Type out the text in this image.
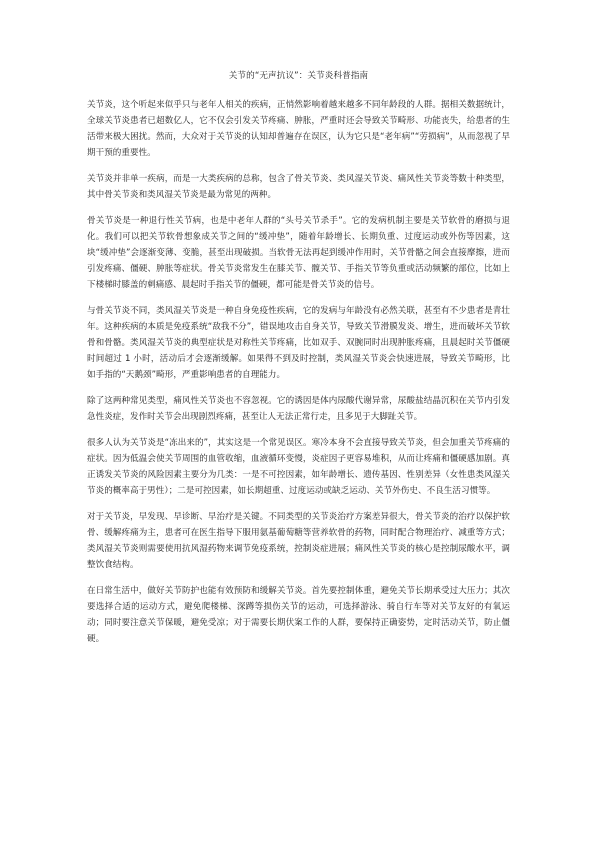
关节的“无声抗议”：关节炎科普指南

关节炎，这个听起来似乎只与老年人相关的疾病，正悄然影响着越来越多不同年龄段的人群。据相关数据统计，全球关节炎患者已超数亿人，它不仅会引发关节疼痛、肿胀，严重时还会导致关节畸形、功能丧失，给患者的生活带来极大困扰。然而，大众对于关节炎的认知却普遍存在误区，认为它只是“老年病”“劳损病”，从而忽视了早期干预的重要性。

关节炎并非单一疾病，而是一大类疾病的总称，包含了骨关节炎、类风湿关节炎、痛风性关节炎等数十种类型，其中骨关节炎和类风湿关节炎是最为常见的两种。

骨关节炎是一种退行性关节病，也是中老年人群的“头号关节杀手”。它的发病机制主要是关节软骨的磨损与退化。我们可以把关节软骨想象成关节之间的“缓冲垫”，随着年龄增长、长期负重、过度运动或外伤等因素，这块“缓冲垫”会逐渐变薄、变脆，甚至出现破损。当软骨无法再起到缓冲作用时，关节骨骼之间会直接摩擦，进而引发疼痛、僵硬、肿胀等症状。骨关节炎常发生在膝关节、髋关节、手指关节等负重或活动频繁的部位，比如上下楼梯时膝盖的刺痛感、晨起时手指关节的僵硬，都可能是骨关节炎的信号。

与骨关节炎不同，类风湿关节炎是一种自身免疫性疾病，它的发病与年龄没有必然关联，甚至有不少患者是青壮年。这种疾病的本质是免疫系统“敌我不分”，错误地攻击自身关节，导致关节滑膜发炎、增生，进而破坏关节软骨和骨骼。类风湿关节炎的典型症状是对称性关节疼痛，比如双手、双腕同时出现肿胀疼痛，且晨起时关节僵硬时间超过 1 小时，活动后才会逐渐缓解。如果得不到及时控制，类风湿关节炎会快速进展，导致关节畸形，比如手指的“天鹅颈”畸形，严重影响患者的自理能力。

除了这两种常见类型，痛风性关节炎也不容忽视。它的诱因是体内尿酸代谢异常，尿酸盐结晶沉积在关节内引发急性炎症，发作时关节会出现剧烈疼痛，甚至让人无法正常行走，且多见于大脚趾关节。

很多人认为关节炎是“冻出来的”，其实这是一个常见误区。寒冷本身不会直接导致关节炎，但会加重关节疼痛的症状。因为低温会使关节周围的血管收缩，血液循环变慢，炎症因子更容易堆积，从而让疼痛和僵硬感加剧。真正诱发关节炎的风险因素主要分为几类：一是不可控因素，如年龄增长、遗传基因、性别差异（女性患类风湿关节炎的概率高于男性）；二是可控因素，如长期超重、过度运动或缺乏运动、关节外伤史、不良生活习惯等。

对于关节炎，早发现、早诊断、早治疗是关键。不同类型的关节炎治疗方案差异很大，骨关节炎的治疗以保护软骨、缓解疼痛为主，患者可在医生指导下服用氨基葡萄糖等营养软骨的药物，同时配合物理治疗、减重等方式；类风湿关节炎则需要使用抗风湿药物来调节免疫系统，控制炎症进展；痛风性关节炎的核心是控制尿酸水平，调整饮食结构。

在日常生活中，做好关节防护也能有效预防和缓解关节炎。首先要控制体重，避免关节长期承受过大压力；其次要选择合适的运动方式，避免爬楼梯、深蹲等损伤关节的运动，可选择游泳、骑自行车等对关节友好的有氧运动；同时要注意关节保暖，避免受凉；对于需要长期伏案工作的人群，要保持正确姿势，定时活动关节，防止僵硬。
